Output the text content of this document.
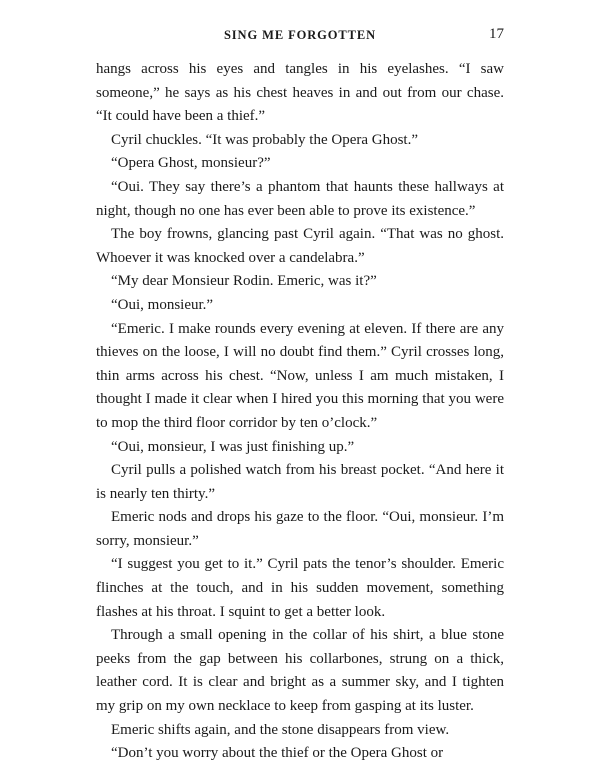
SING ME FORGOTTEN	17

hangs across his eyes and tangles in his eyelashes. “I saw someone,” he says as his chest heaves in and out from our chase. “It could have been a thief.”

Cyril chuckles. “It was probably the Opera Ghost.”

“Opera Ghost, monsieur?”

“Oui. They say there’s a phantom that haunts these hallways at night, though no one has ever been able to prove its existence.”

The boy frowns, glancing past Cyril again. “That was no ghost. Whoever it was knocked over a candelabra.”

“My dear Monsieur Rodin. Emeric, was it?”

“Oui, monsieur.”

“Emeric. I make rounds every evening at eleven. If there are any thieves on the loose, I will no doubt find them.” Cyril crosses long, thin arms across his chest. “Now, unless I am much mistaken, I thought I made it clear when I hired you this morning that you were to mop the third floor corridor by ten o’clock.”

“Oui, monsieur, I was just finishing up.”

Cyril pulls a polished watch from his breast pocket. “And here it is nearly ten thirty.”

Emeric nods and drops his gaze to the floor. “Oui, monsieur. I’m sorry, monsieur.”

“I suggest you get to it.” Cyril pats the tenor’s shoulder. Emeric flinches at the touch, and in his sudden movement, something flashes at his throat. I squint to get a better look.

Through a small opening in the collar of his shirt, a blue stone peeks from the gap between his collarbones, strung on a thick, leather cord. It is clear and bright as a summer sky, and I tighten my grip on my own necklace to keep from gasping at its luster.

Emeric shifts again, and the stone disappears from view.

“Don’t you worry about the thief or the Opera Ghost or
